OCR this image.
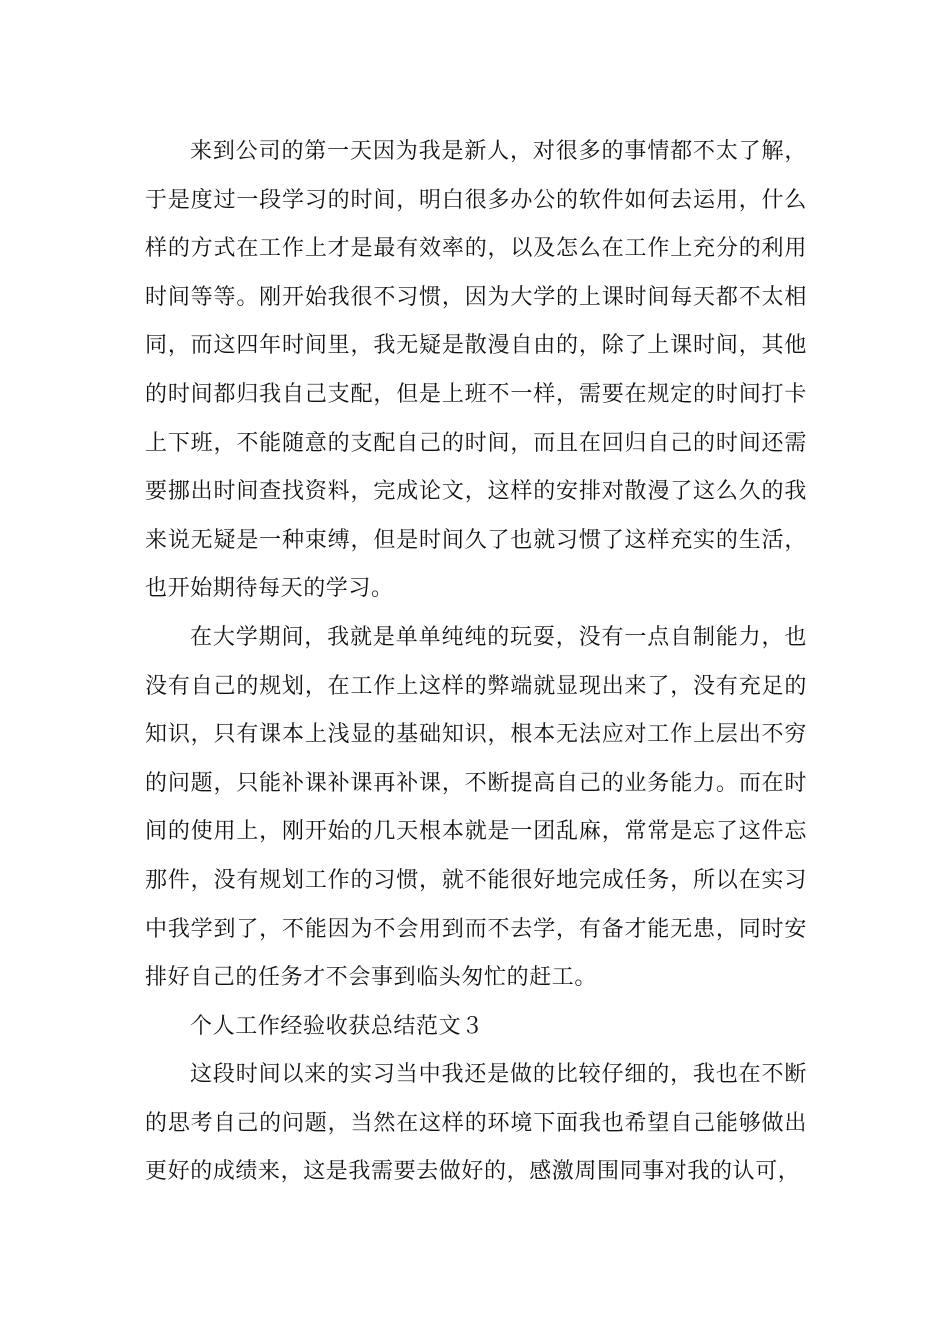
来到公司的第一天因为我是新人，对很多的事情都不太了解，于是度过一段学习的时间，明白很多办公的软件如何去运用，什么样的方式在工作上才是最有效率的，以及怎么在工作上充分的利用时间等等。刚开始我很不习惯，因为大学的上课时间每天都不太相同，而这四年时间里，我无疑是散漫自由的，除了上课时间，其他的时间都归我自己支配，但是上班不一样，需要在规定的时间打卡上下班，不能随意的支配自己的时间，而且在回归自己的时间还需要挪出时间查找资料，完成论文，这样的安排对散漫了这么久的我来说无疑是一种束缚，但是时间久了也就习惯了这样充实的生活，也开始期待每天的学习。

在大学期间，我就是单单纯纯的玩耍，没有一点自制能力，也没有自己的规划，在工作上这样的弊端就显现出来了，没有充足的知识，只有课本上浅显的基础知识，根本无法应对工作上层出不穷的问题，只能补课补课再补课，不断提高自己的业务能力。而在时间的使用上，刚开始的几天根本就是一团乱麻，常常是忘了这件忘那件，没有规划工作的习惯，就不能很好地完成任务，所以在实习中我学到了，不能因为不会用到而不去学，有备才能无患，同时安排好自己的任务才不会事到临头匆忙的赶工。

个人工作经验收获总结范文３

这段时间以来的实习当中我还是做的比较仔细的，我也在不断的思考自己的问题，当然在这样的环境下面我也希望自己能够做出更好的成绩来，这是我需要去做好的，感激周围同事对我的认可，
